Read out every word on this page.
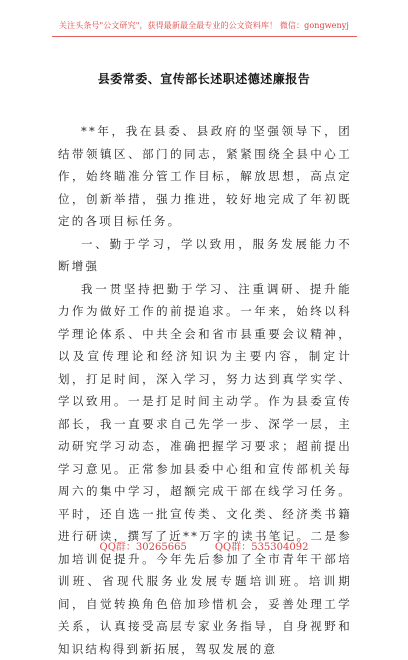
关注头条号"公文研究"，获得最新最全最专业的公文资料库！ 微信：gongwenyj
县委常委、宣传部长述职述德述廉报告

**年，我在县委、县政府的坚强领导下，团结带领镇区、部门的同志，紧紧围绕全县中心工作，始终瞄准分管工作目标，解放思想，高点定位，创新举措，强力推进，较好地完成了年初既定的各项目标任务。

一、勤于学习，学以致用，服务发展能力不断增强

我一贯坚持把勤于学习、注重调研、提升能力作为做好工作的前提追求。一年来，始终以科学理论体系、中共全会和省市县重要会议精神，以及宣传理论和经济知识为主要内容，制定计划，打足时间，深入学习，努力达到真学实学、学以致用。一是打足时间主动学。作为县委宣传部长，我一直要求自己先学一步、深学一层，主动研究学习动态，准确把握学习要求；超前提出学习意见。正常参加县委中心组和宣传部机关每周六的集中学习，超额完成干部在线学习任务。平时，还自选一批宣传类、文化类、经济类书籍进行研读，撰写了近**万字的读书笔记。二是参加培训促提升。今年先后参加了全市青年干部培训班、省现代服务业发展专题培训班。培训期间，自觉转换角色倍加珍惜机会，妥善处理工学关系，认真接受高层专家业务指导，自身视野和知识结构得到新拓展，驾驭发展的意

QQ群：30265665	QQ群：535304092
